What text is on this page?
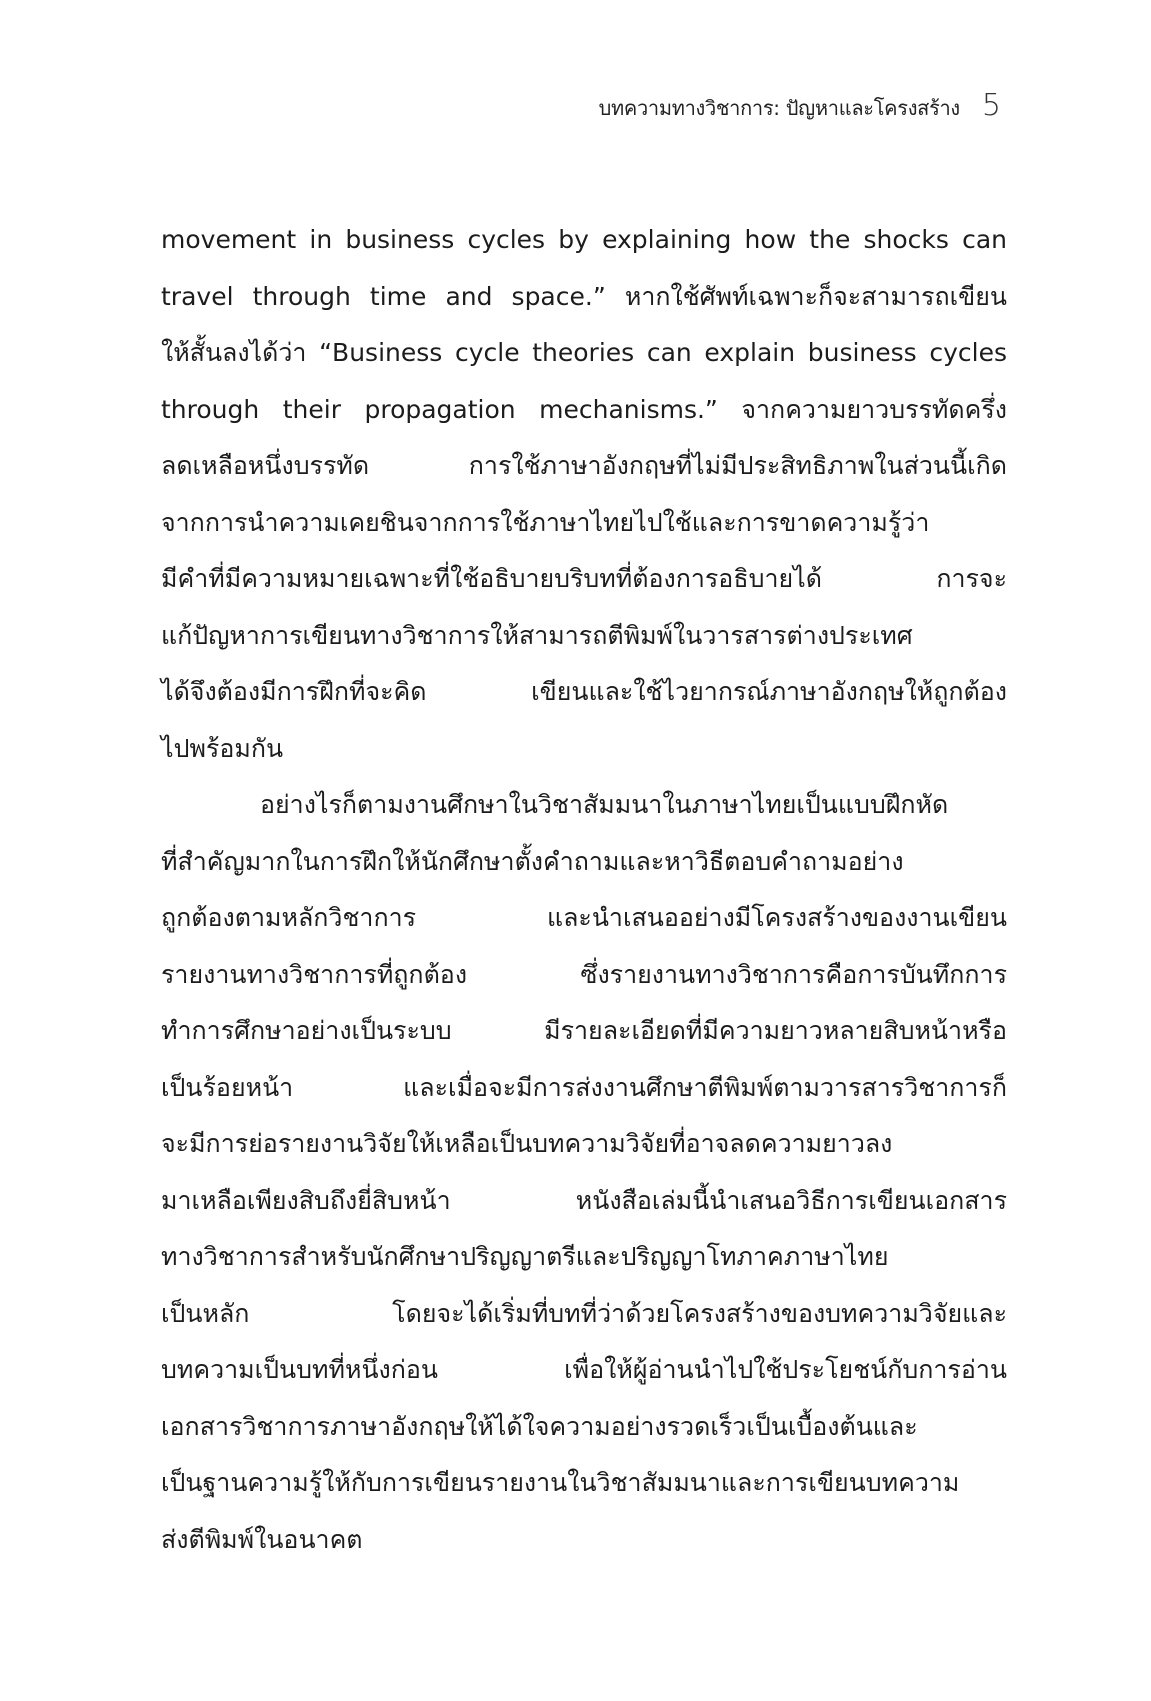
บทความทางวิชาการ: ปัญหาและโครงสร้าง 5

movement in business cycles by explaining how the shocks can

travel through time and space.” หากใช้ศัพท์เฉพาะก็จะสามารถเขียน

ให้สั้นลงได้ว่า “Business cycle theories can explain business cycles

through their propagation mechanisms.” จากความยาวบรรทัดครึ่ง

ลดเหลือหนึ่งบรรทัด การใช้ภาษาอังกฤษที่ไม่มีประสิทธิภาพในส่วนนี้เกิด

จากการนำความเคยชินจากการใช้ภาษาไทยไปใช้และการขาดความรู้ว่า

มีคำที่มีความหมายเฉพาะที่ใช้อธิบายบริบทที่ต้องการอธิบายได้ การจะ

แก้ปัญหาการเขียนทางวิชาการให้สามารถตีพิมพ์ในวารสารต่างประเทศ

ได้จึงต้องมีการฝึกที่จะคิด เขียนและใช้ไวยากรณ์ภาษาอังกฤษให้ถูกต้อง

ไปพร้อมกัน

อย่างไรก็ตามงานศึกษาในวิชาสัมมนาในภาษาไทยเป็นแบบฝึกหัด

ที่สำคัญมากในการฝึกให้นักศึกษาตั้งคำถามและหาวิธีตอบคำถามอย่าง

ถูกต้องตามหลักวิชาการ และนำเสนออย่างมีโครงสร้างของงานเขียน

รายงานทางวิชาการที่ถูกต้อง ซึ่งรายงานทางวิชาการคือการบันทึกการ

ทำการศึกษาอย่างเป็นระบบ มีรายละเอียดที่มีความยาวหลายสิบหน้าหรือ

เป็นร้อยหน้า และเมื่อจะมีการส่งงานศึกษาตีพิมพ์ตามวารสารวิชาการก็

จะมีการย่อรายงานวิจัยให้เหลือเป็นบทความวิจัยที่อาจลดความยาวลง

มาเหลือเพียงสิบถึงยี่สิบหน้า หนังสือเล่มนี้นำเสนอวิธีการเขียนเอกสาร

ทางวิชาการสำหรับนักศึกษาปริญญาตรีและปริญญาโทภาคภาษาไทย

เป็นหลัก โดยจะได้เริ่มที่บทที่ว่าด้วยโครงสร้างของบทความวิจัยและ

บทความเป็นบทที่หนึ่งก่อน เพื่อให้ผู้อ่านนำไปใช้ประโยชน์กับการอ่าน

เอกสารวิชาการภาษาอังกฤษให้ได้ใจความอย่างรวดเร็วเป็นเบื้องต้นและ

เป็นฐานความรู้ให้กับการเขียนรายงานในวิชาสัมมนาและการเขียนบทความ

ส่งตีพิมพ์ในอนาคต
